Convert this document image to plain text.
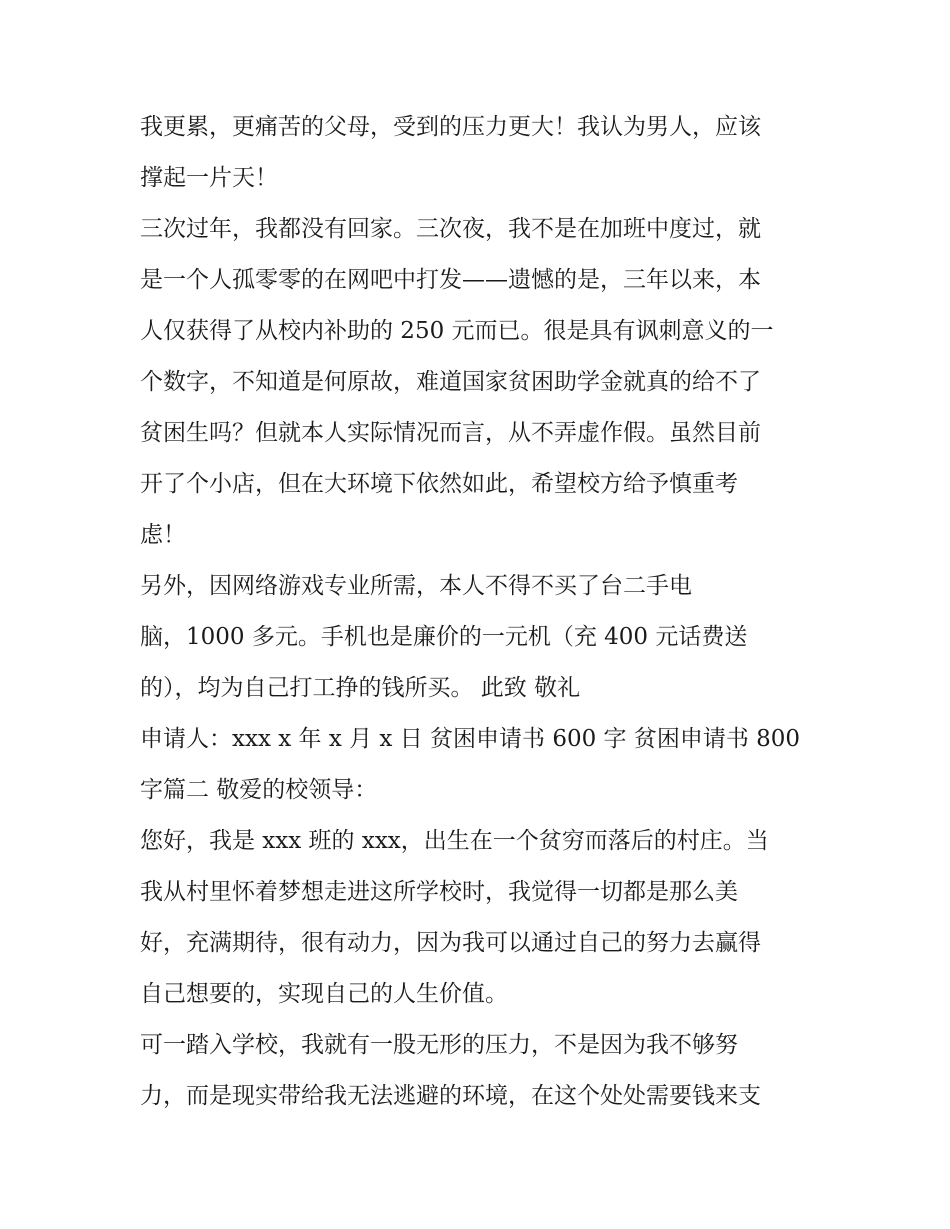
我更累，更痛苦的父母，受到的压力更大！我认为男人，应该
撑起一片天！
三次过年，我都没有回家。三次夜，我不是在加班中度过，就
是一个人孤零零的在网吧中打发——遗憾的是，三年以来，本
人仅获得了从校内补助的 250 元而已。很是具有讽刺意义的一
个数字，不知道是何原故，难道国家贫困助学金就真的给不了
贫困生吗？但就本人实际情况而言，从不弄虚作假。虽然目前
开了个小店，但在大环境下依然如此，希望校方给予慎重考
虑！
另外，因网络游戏专业所需，本人不得不买了台二手电
脑，1000 多元。手机也是廉价的一元机（充 400 元话费送
的），均为自己打工挣的钱所买。 此致 敬礼
申请人：xxx x 年 x 月 x 日 贫困申请书 600 字 贫困申请书 800
字篇二 敬爱的校领导：
您好，我是 xxx 班的 xxx，出生在一个贫穷而落后的村庄。当
我从村里怀着梦想走进这所学校时，我觉得一切都是那么美
好，充满期待，很有动力，因为我可以通过自己的努力去赢得
自己想要的，实现自己的人生价值。
可一踏入学校，我就有一股无形的压力，不是因为我不够努
力，而是现实带给我无法逃避的环境，在这个处处需要钱来支
